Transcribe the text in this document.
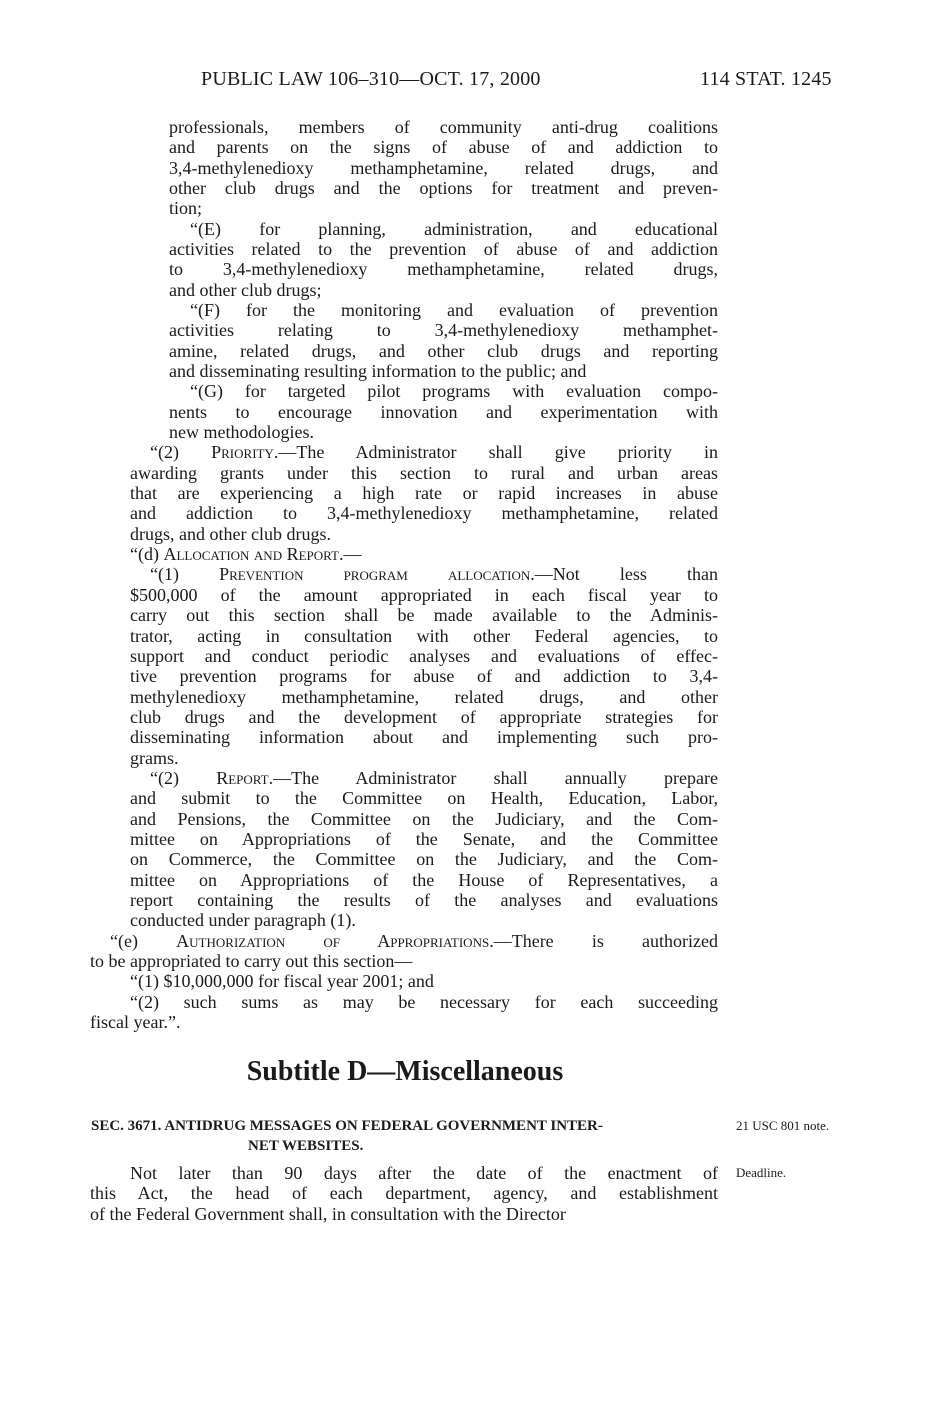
PUBLIC LAW 106–310—OCT. 17, 2000	114 STAT. 1245
professionals, members of community anti-drug coalitions
and parents on the signs of abuse of and addiction to
3,4-methylenedioxy methamphetamine, related drugs, and
other club drugs and the options for treatment and preven-
tion;
“(E) for planning, administration, and educational
activities related to the prevention of abuse of and addiction
to 3,4-methylenedioxy methamphetamine, related drugs,
and other club drugs;
“(F) for the monitoring and evaluation of prevention
activities relating to 3,4-methylenedioxy methamphet-
amine, related drugs, and other club drugs and reporting
and disseminating resulting information to the public; and
“(G) for targeted pilot programs with evaluation compo-
nents to encourage innovation and experimentation with
new methodologies.
“(2) Priority.—The Administrator shall give priority in
awarding grants under this section to rural and urban areas
that are experiencing a high rate or rapid increases in abuse
and addiction to 3,4-methylenedioxy methamphetamine, related
drugs, and other club drugs.
“(d) Allocation and Report.—
“(1) Prevention program allocation.—Not less than
$500,000 of the amount appropriated in each fiscal year to
carry out this section shall be made available to the Adminis-
trator, acting in consultation with other Federal agencies, to
support and conduct periodic analyses and evaluations of effec-
tive prevention programs for abuse of and addiction to 3,4-
methylenedioxy methamphetamine, related drugs, and other
club drugs and the development of appropriate strategies for
disseminating information about and implementing such pro-
grams.
“(2) Report.—The Administrator shall annually prepare
and submit to the Committee on Health, Education, Labor,
and Pensions, the Committee on the Judiciary, and the Com-
mittee on Appropriations of the Senate, and the Committee
on Commerce, the Committee on the Judiciary, and the Com-
mittee on Appropriations of the House of Representatives, a
report containing the results of the analyses and evaluations
conducted under paragraph (1).
“(e) Authorization of Appropriations.—There is authorized
to be appropriated to carry out this section—
“(1) $10,000,000 for fiscal year 2001; and
“(2) such sums as may be necessary for each succeeding
fiscal year.”.
Subtitle D—Miscellaneous
SEC. 3671. ANTIDRUG MESSAGES ON FEDERAL GOVERNMENT INTER-
NET WEBSITES.
21 USC 801 note.
Not later than 90 days after the date of the enactment of
this Act, the head of each department, agency, and establishment
of the Federal Government shall, in consultation with the Director
Deadline.
